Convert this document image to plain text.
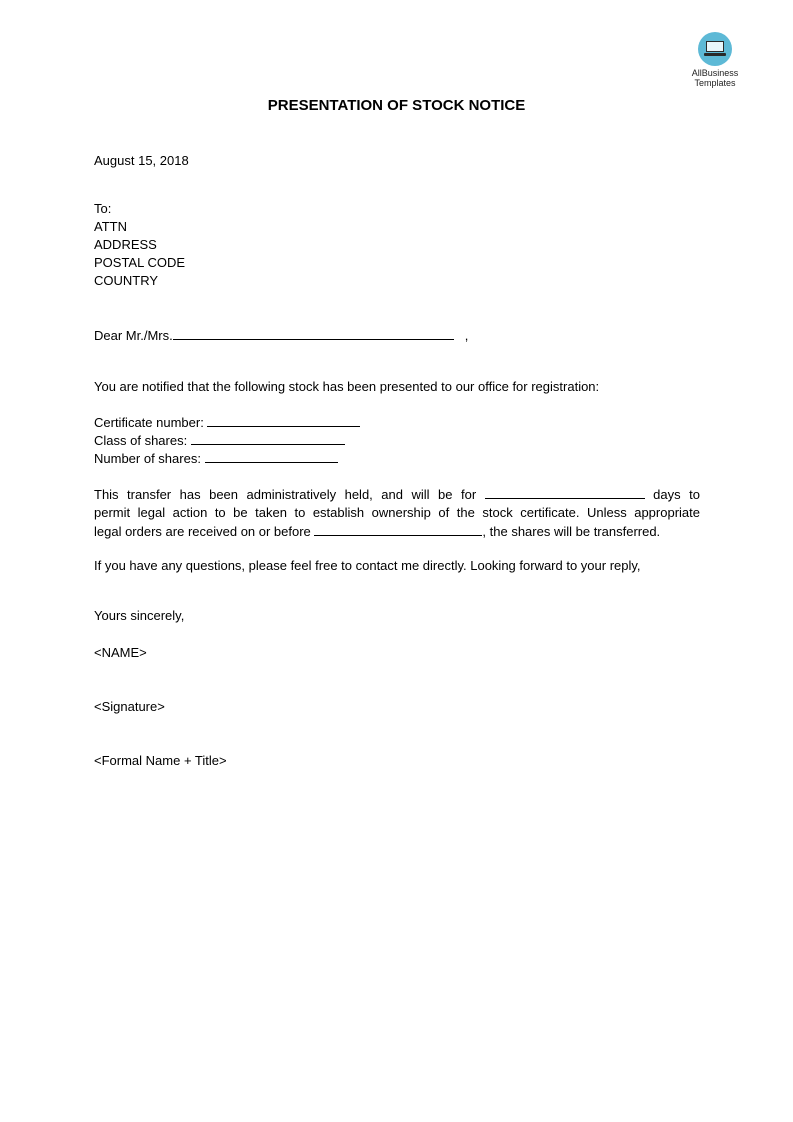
AllBusiness
Templates
PRESENTATION OF STOCK NOTICE
August 15, 2018
To:
ATTN
ADDRESS
POSTAL CODE
COUNTRY
Dear Mr./Mrs.	,
You are notified that the following stock has been presented to our office for registration:
Certificate number:
Class of shares:
Number of shares:
This transfer has been administratively held, and will be for	days to
permit legal action to be taken to establish ownership of the stock certificate. Unless appropriate
legal orders are received on or before	, the shares will be transferred.
If you have any questions, please feel free to contact me directly. Looking forward to your reply,
Yours sincerely,
<NAME>
<Signature>
<Formal Name + Title>
